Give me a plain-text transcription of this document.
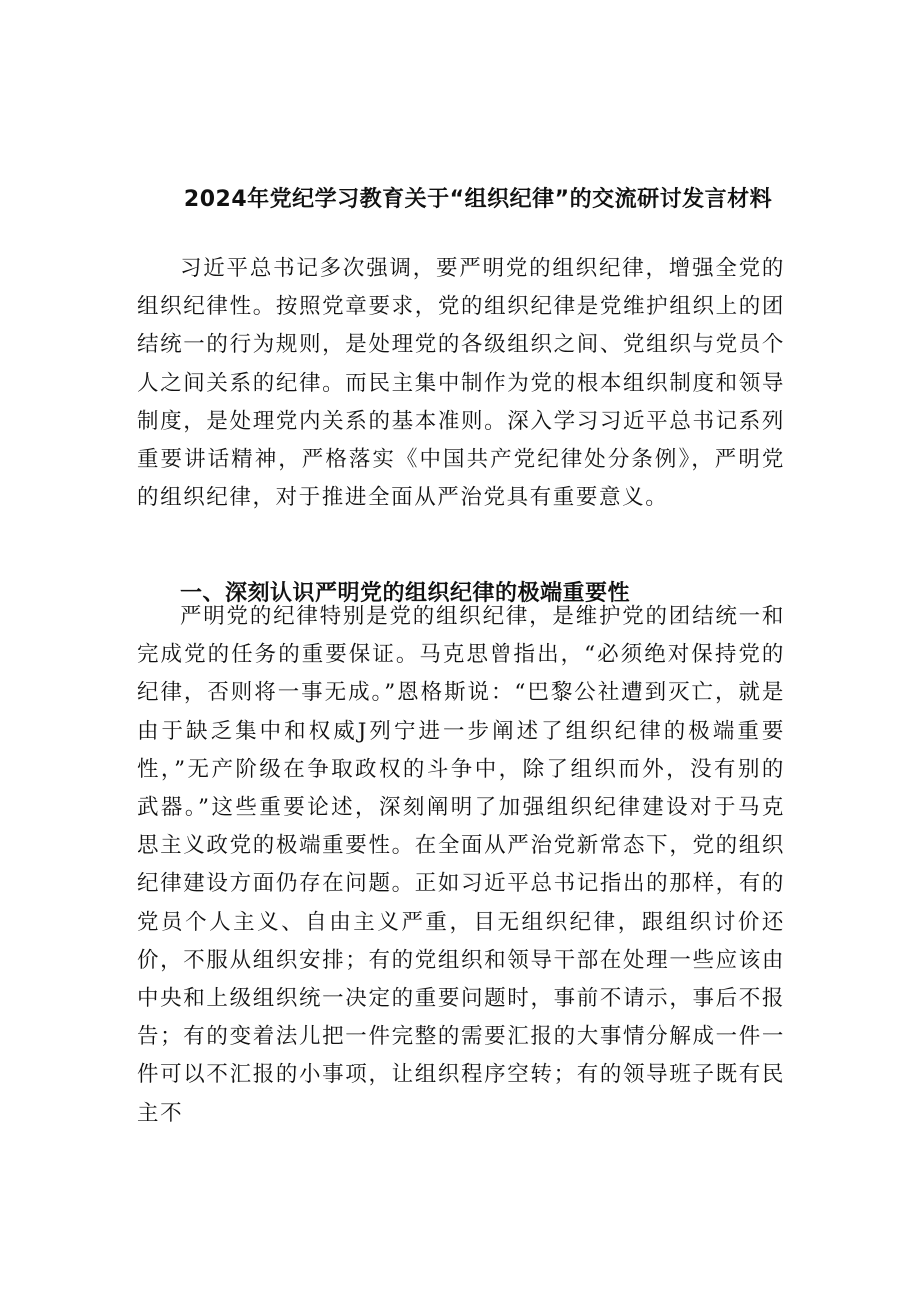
2024年党纪学习教育关于“组织纪律”的交流研讨发言材料

习近平总书记多次强调，要严明党的组织纪律，增强全党的组织纪律性。按照党章要求，党的组织纪律是党维护组织上的团结统一的行为规则，是处理党的各级组织之间、党组织与党员个人之间关系的纪律。而民主集中制作为党的根本组织制度和领导制度，是处理党内关系的基本准则。深入学习习近平总书记系列重要讲话精神，严格落实《中国共产党纪律处分条例》，严明党的组织纪律，对于推进全面从严治党具有重要意义。

一、深刻认识严明党的组织纪律的极端重要性

严明党的纪律特别是党的组织纪律，是维护党的团结统一和完成党的任务的重要保证。马克思曾指出，“必须绝对保持党的纪律，否则将一事无成。”恩格斯说：“巴黎公社遭到灭亡，就是由于缺乏集中和权威J列宁进一步阐述了组织纪律的极端重要性，”无产阶级在争取政权的斗争中，除了组织而外，没有别的武器。”这些重要论述，深刻阐明了加强组织纪律建设对于马克思主义政党的极端重要性。在全面从严治党新常态下，党的组织纪律建设方面仍存在问题。正如习近平总书记指出的那样，有的党员个人主义、自由主义严重，目无组织纪律，跟组织讨价还价，不服从组织安排；有的党组织和领导干部在处理一些应该由中央和上级组织统一决定的重要问题时，事前不请示，事后不报告；有的变着法儿把一件完整的需要汇报的大事情分解成一件一件可以不汇报的小事项，让组织程序空转；有的领导班子既有民主不
